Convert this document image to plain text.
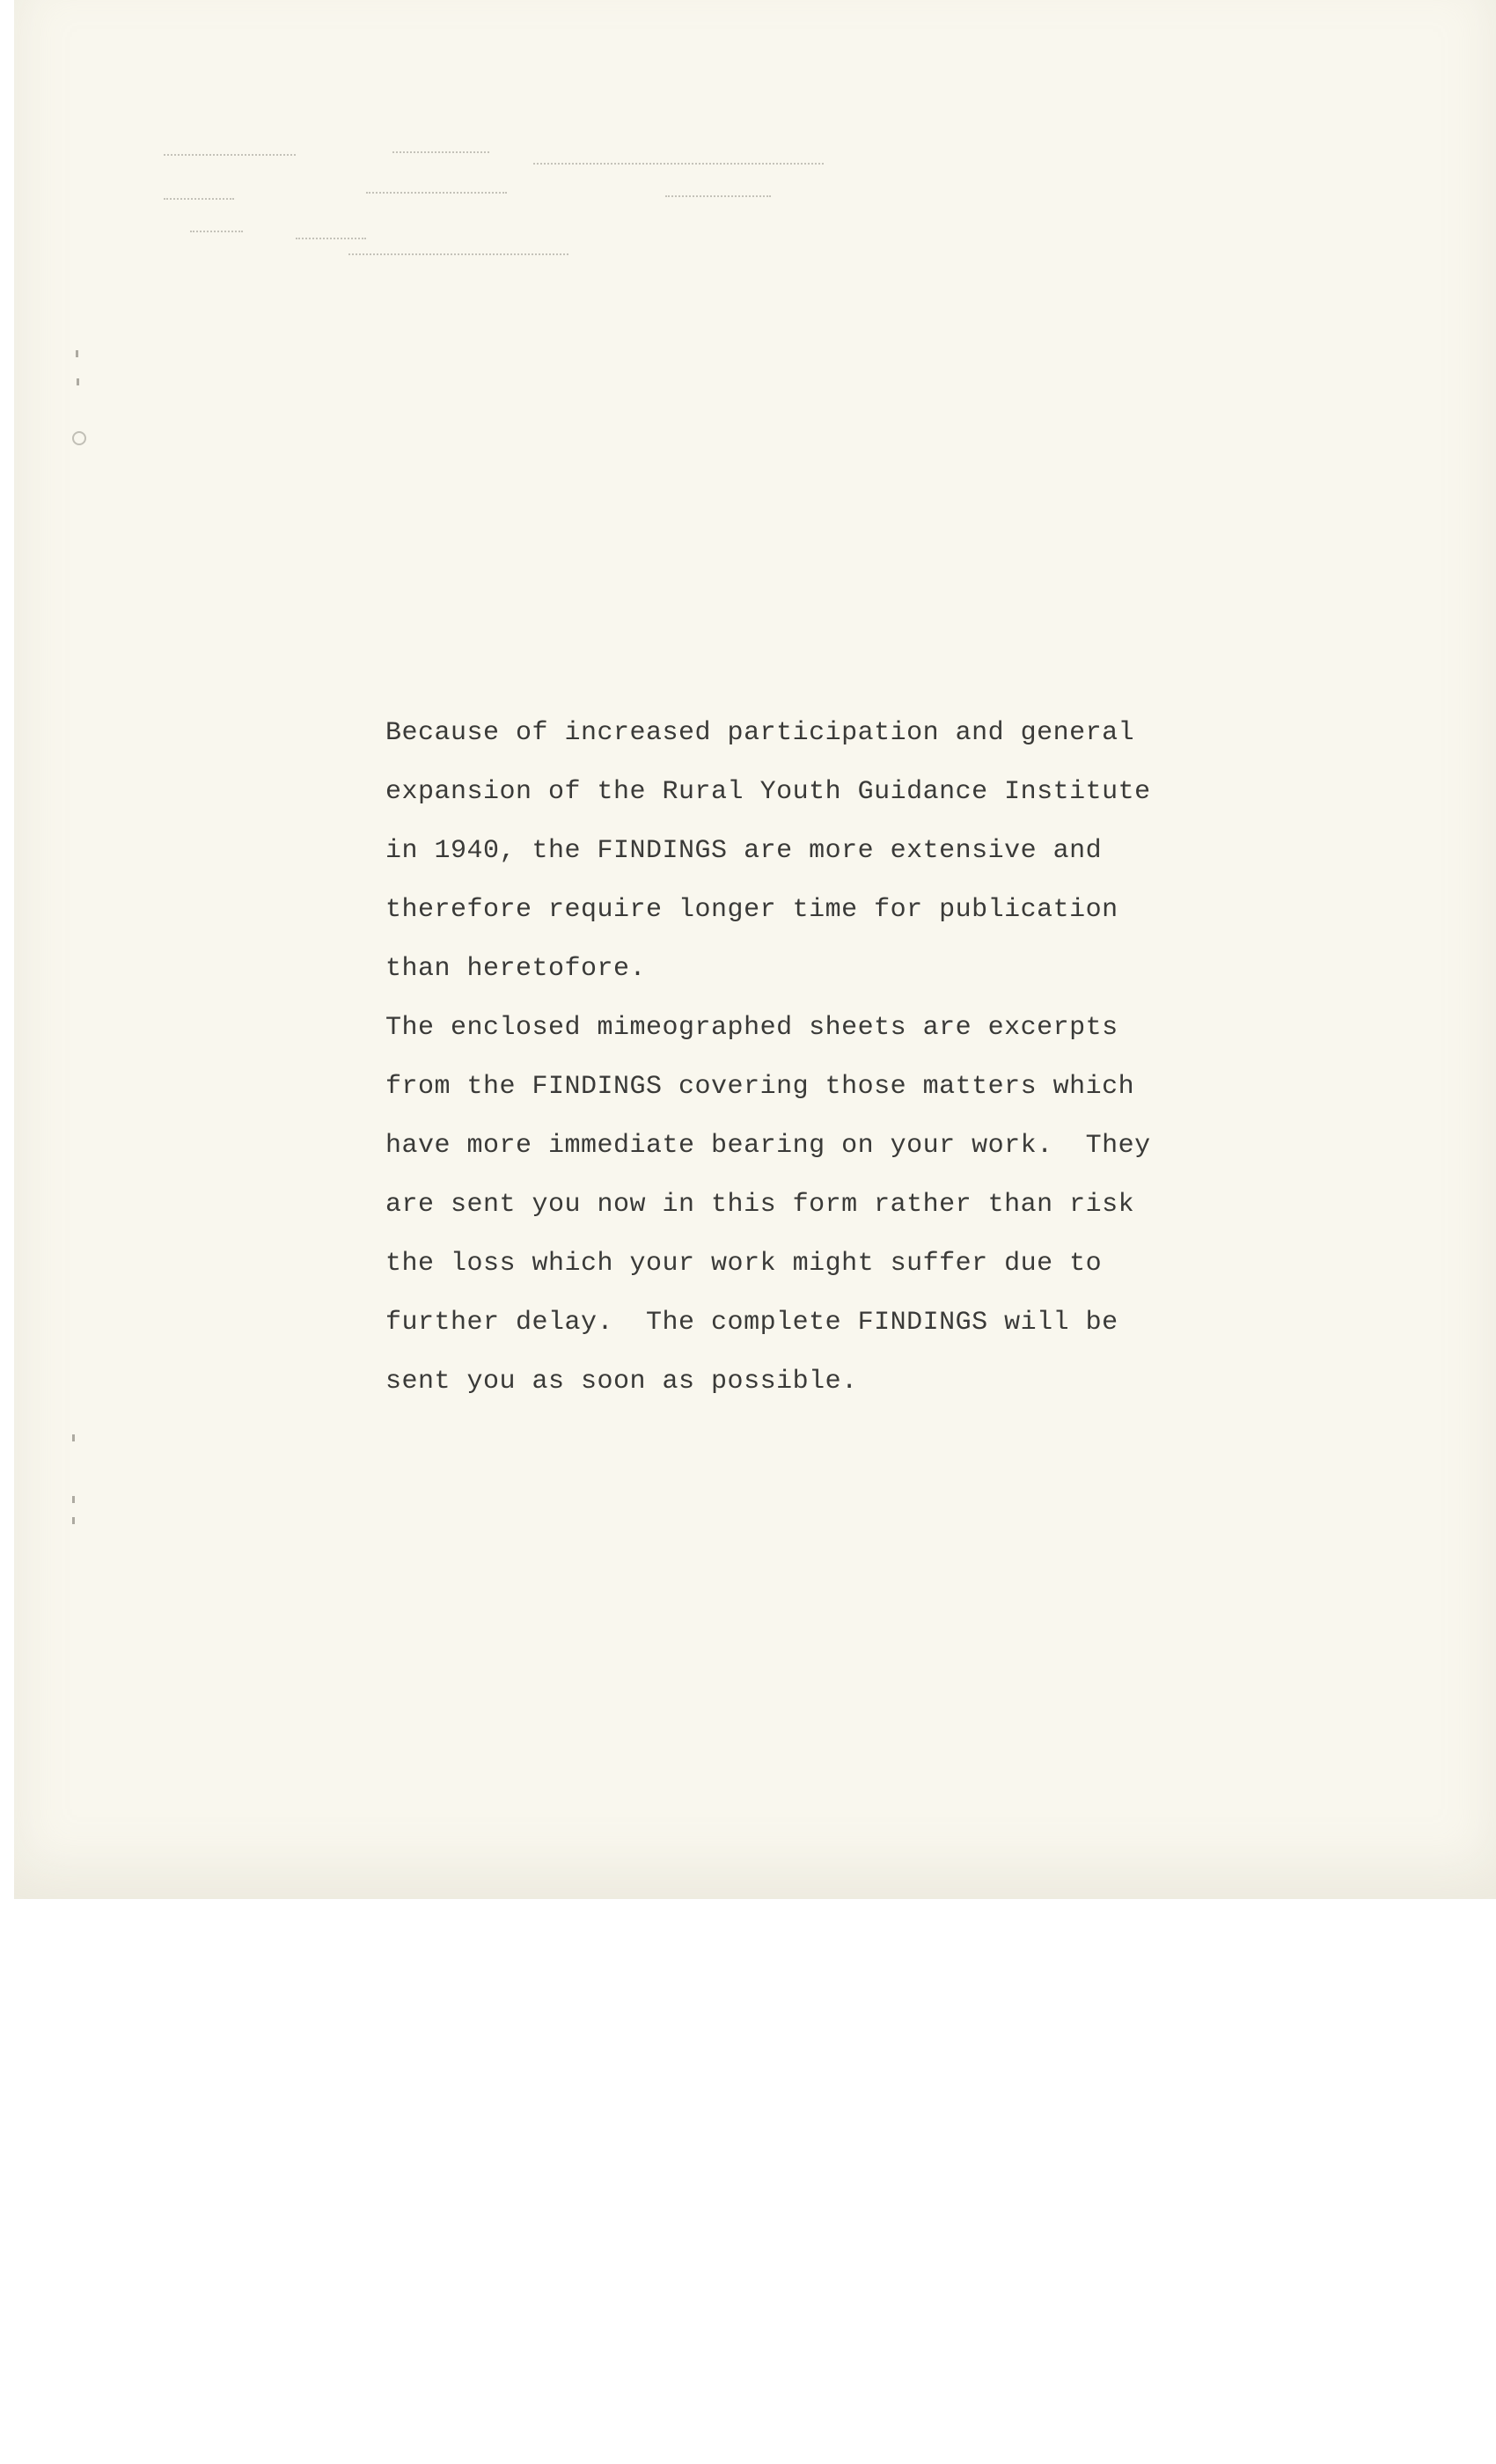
Because of increased participation and general
expansion of the Rural Youth Guidance Institute
in 1940, the FINDINGS are more extensive and
therefore require longer time for publication
than heretofore.
The enclosed mimeographed sheets are excerpts
from the FINDINGS covering those matters which
have more immediate bearing on your work.  They
are sent you now in this form rather than risk
the loss which your work might suffer due to
further delay.  The complete FINDINGS will be
sent you as soon as possible.
